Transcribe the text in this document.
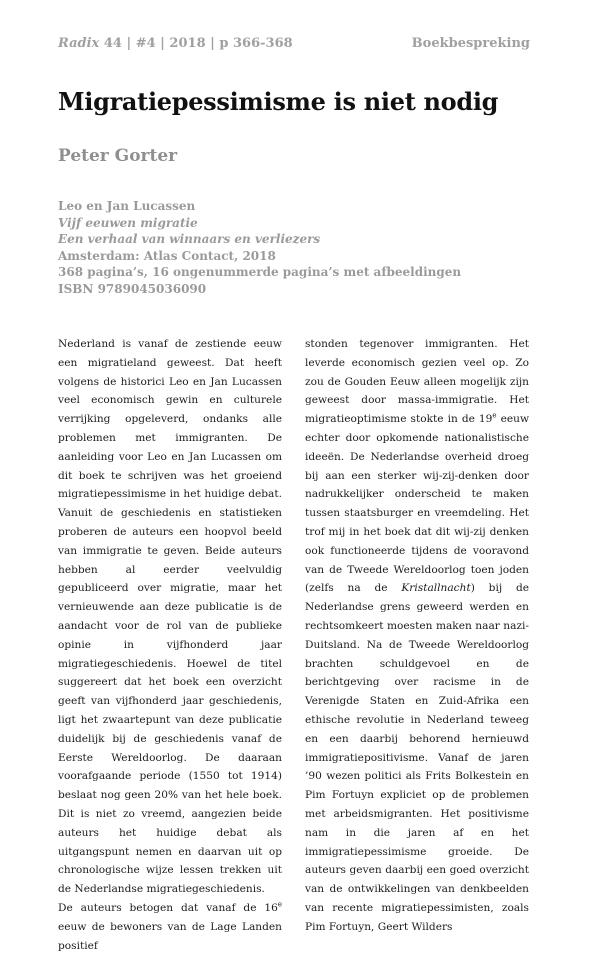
Radix 44 | #4 | 2018 | p 366-368	Boekbespreking
Migratiepessimisme is niet nodig
Peter Gorter
Leo en Jan Lucassen
Vijf eeuwen migratie
Een verhaal van winnaars en verliezers
Amsterdam: Atlas Contact, 2018
368 pagina’s, 16 ongenummerde pagina’s met afbeeldingen
ISBN 9789045036090

Nederland is vanaf de zestiende eeuw een migratieland geweest. Dat heeft volgens de historici Leo en Jan Lucassen veel economisch gewin en culturele verrijking opgeleverd, ondanks alle problemen met immigranten. De aanleiding voor Leo en Jan Lucassen om dit boek te schrijven was het groeiend migratiepessimisme in het huidige debat. Vanuit de geschiedenis en statistieken proberen de auteurs een hoopvol beeld van immigratie te geven. Beide auteurs hebben al eerder veelvuldig gepubliceerd over migratie, maar het vernieuwende aan deze publicatie is de aandacht voor de rol van de publieke opinie in vijfhonderd jaar migratiegeschiedenis. Hoewel de titel suggereert dat het boek een overzicht geeft van vijfhonderd jaar geschiedenis, ligt het zwaartepunt van deze publicatie duidelijk bij de geschiedenis vanaf de Eerste Wereldoorlog. De daaraan voorafgaande periode (1550 tot 1914) beslaat nog geen 20% van het hele boek. Dit is niet zo vreemd, aangezien beide auteurs het huidige debat als uitgangspunt nemen en daarvan uit op chronologische wijze lessen trekken uit de Nederlandse migratiegeschiedenis.

De auteurs betogen dat vanaf de 16e eeuw de bewoners van de Lage Landen positief

stonden tegenover immigranten. Het leverde economisch gezien veel op. Zo zou de Gouden Eeuw alleen mogelijk zijn geweest door massa-immigratie. Het migratieoptimisme stokte in de 19e eeuw echter door opkomende nationalistische ideeën. De Nederlandse overheid droeg bij aan een sterker wij-zij-denken door nadrukkelijker onderscheid te maken tussen staatsburger en vreemdeling. Het trof mij in het boek dat dit wij-zij denken ook functioneerde tijdens de vooravond van de Tweede Wereldoorlog toen joden (zelfs na de Kristallnacht) bij de Nederlandse grens geweerd werden en rechtsomkeert moesten maken naar nazi-Duitsland. Na de Tweede Wereldoorlog brachten schuldgevoel en de berichtgeving over racisme in de Verenigde Staten en Zuid-Afrika een ethische revolutie in Nederland teweeg en een daarbij behorend hernieuwd immigratiepositivisme. Vanaf de jaren ’90 wezen politici als Frits Bolkestein en Pim Fortuyn expliciet op de problemen met arbeidsmigranten. Het positivisme nam in die jaren af en het immigratiepessimisme groeide. De auteurs geven daarbij een goed overzicht van de ontwikkelingen van denkbeelden van recente migratiepessimisten, zoals Pim Fortuyn, Geert Wilders
